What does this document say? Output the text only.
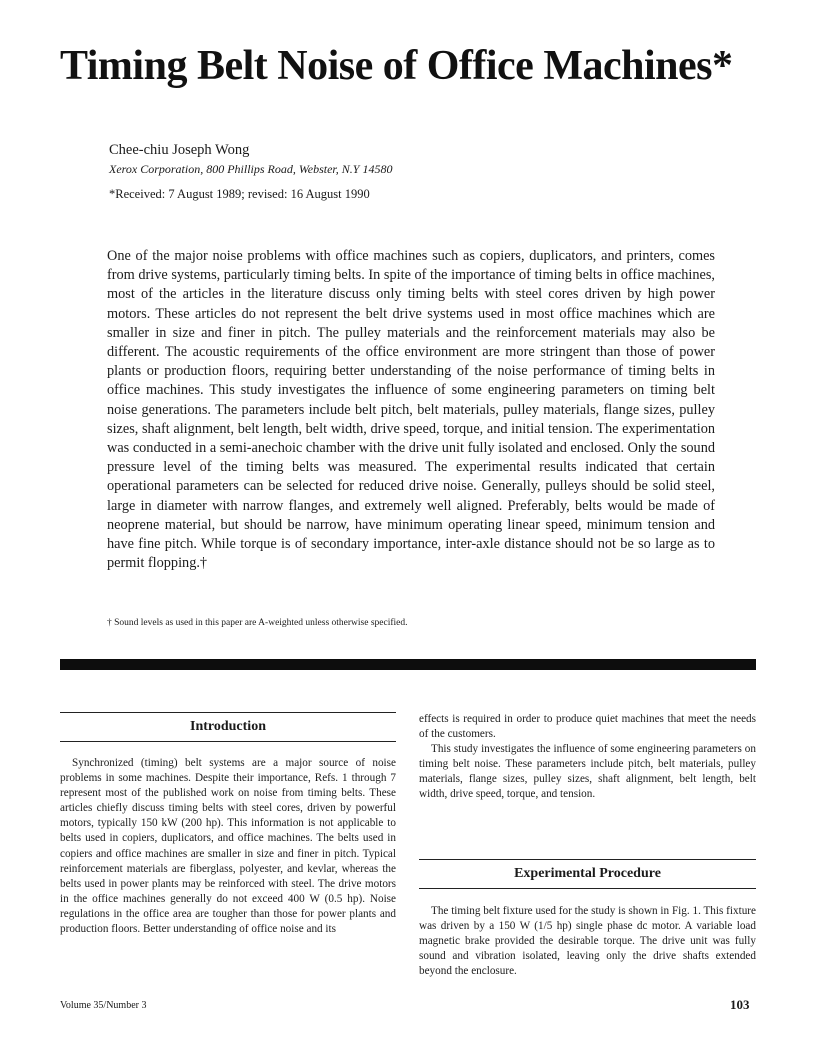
Timing Belt Noise of Office Machines*
Chee-chiu Joseph Wong
Xerox Corporation, 800 Phillips Road, Webster, N.Y 14580
*Received: 7 August 1989; revised: 16 August 1990

One of the major noise problems with office machines such as copiers, duplicators, and printers, comes from drive systems, particularly timing belts. In spite of the importance of timing belts in office machines, most of the articles in the literature discuss only timing belts with steel cores driven by high power motors. These articles do not represent the belt drive systems used in most office machines which are smaller in size and finer in pitch. The pulley materials and the reinforcement materials may also be different. The acoustic requirements of the office environment are more stringent than those of power plants or production floors, requiring better understanding of the noise performance of timing belts in office machines. This study investigates the influence of some engineering parameters on timing belt noise generations. The parameters include belt pitch, belt materials, pulley materials, flange sizes, pulley sizes, shaft alignment, belt length, belt width, drive speed, torque, and initial tension. The experimentation was conducted in a semi-anechoic chamber with the drive unit fully isolated and enclosed. Only the sound pressure level of the timing belts was measured. The experimental results indicated that certain operational parameters can be selected for reduced drive noise. Generally, pulleys should be solid steel, large in diameter with narrow flanges, and extremely well aligned. Preferably, belts would be made of neoprene material, but should be narrow, have minimum operating linear speed, minimum tension and have fine pitch. While torque is of secondary importance, inter-axle distance should not be so large as to permit flopping.†

† Sound levels as used in this paper are A-weighted unless otherwise specified.
Introduction

Synchronized (timing) belt systems are a major source of noise problems in some machines. Despite their importance, Refs. 1 through 7 represent most of the published work on noise from timing belts. These articles chiefly discuss timing belts with steel cores, driven by powerful motors, typically 150 kW (200 hp). This information is not applicable to belts used in copiers, duplicators, and office machines. The belts used in copiers and office machines are smaller in size and finer in pitch. Typical reinforcement materials are fiberglass, polyester, and kevlar, whereas the belts used in power plants may be reinforced with steel. The drive motors in the office machines generally do not exceed 400 W (0.5 hp). Noise regulations in the office area are tougher than those for power plants and production floors. Better understanding of office noise and its

effects is required in order to produce quiet machines that meet the needs of the customers.

This study investigates the influence of some engineering parameters on timing belt noise. These parameters include pitch, belt materials, pulley materials, flange sizes, pulley sizes, shaft alignment, belt length, belt width, drive speed, torque, and tension.

Experimental Procedure

The timing belt fixture used for the study is shown in Fig. 1. This fixture was driven by a 150 W (1/5 hp) single phase dc motor. A variable load magnetic brake provided the desirable torque. The drive unit was fully sound and vibration isolated, leaving only the drive shafts extended beyond the enclosure.

Volume 35/Number 3	103
